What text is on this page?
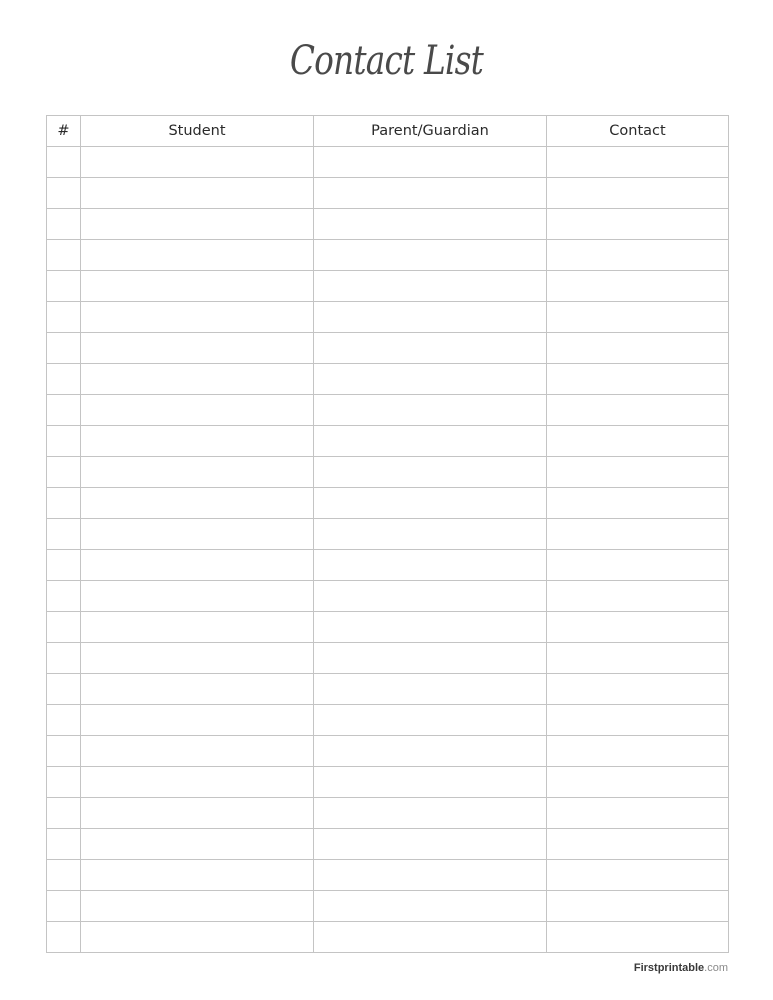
Contact List
#	Student	Parent/Guardian	Contact

Firstprintable.com
